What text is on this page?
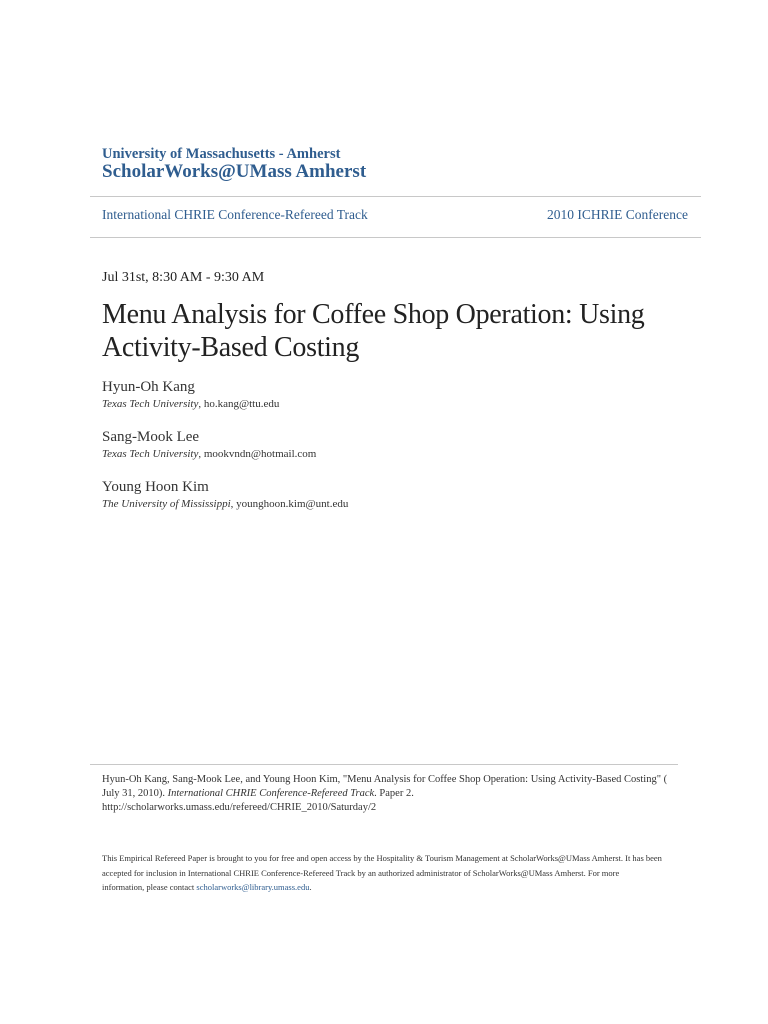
University of Massachusetts - Amherst
ScholarWorks@UMass Amherst
International CHRIE Conference-Refereed Track	2010 ICHRIE Conference
Jul 31st, 8:30 AM - 9:30 AM
Menu Analysis for Coffee Shop Operation: Using Activity-Based Costing
Hyun-Oh Kang
Texas Tech University, ho.kang@ttu.edu
Sang-Mook Lee
Texas Tech University, mookvndn@hotmail.com
Young Hoon Kim
The University of Mississippi, younghoon.kim@unt.edu
Hyun-Oh Kang, Sang-Mook Lee, and Young Hoon Kim, "Menu Analysis for Coffee Shop Operation: Using Activity-Based Costing" ( July 31, 2010). International CHRIE Conference-Refereed Track. Paper 2.
http://scholarworks.umass.edu/refereed/CHRIE_2010/Saturday/2
This Empirical Refereed Paper is brought to you for free and open access by the Hospitality & Tourism Management at ScholarWorks@UMass Amherst. It has been accepted for inclusion in International CHRIE Conference-Refereed Track by an authorized administrator of ScholarWorks@UMass Amherst. For more information, please contact scholarworks@library.umass.edu.
